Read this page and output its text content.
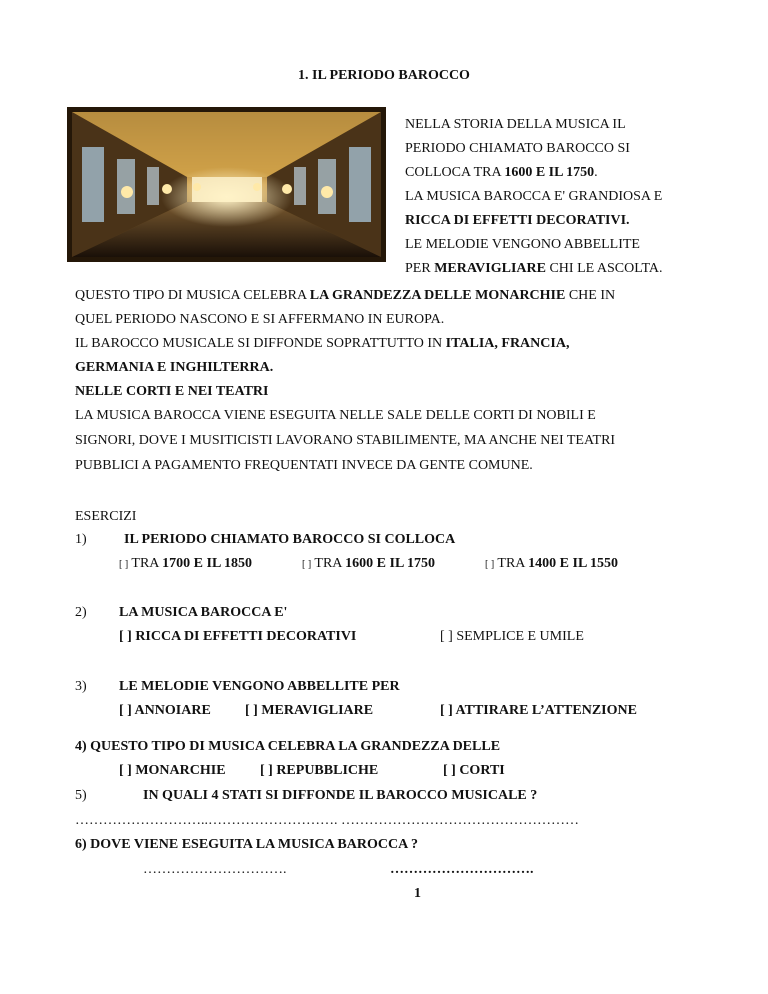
1. IL PERIODO BAROCCO
NELLA STORIA DELLA MUSICA IL
PERIODO CHIAMATO BAROCCO SI
COLLOCA TRA 1600 E IL 1750.
LA MUSICA BAROCCA E' GRANDIOSA E
RICCA DI EFFETTI DECORATIVI.
LE MELODIE VENGONO ABBELLITE
PER MERAVIGLIARE CHI LE ASCOLTA.
QUESTO TIPO DI MUSICA CELEBRA LA GRANDEZZA DELLE MONARCHIE CHE IN
QUEL PERIODO NASCONO E SI AFFERMANO IN EUROPA.
IL BAROCCO MUSICALE SI DIFFONDE SOPRATTUTTO IN ITALIA, FRANCIA,
GERMANIA E INGHILTERRA.
NELLE CORTI E NEI TEATRI
LA MUSICA BAROCCA VIENE ESEGUITA NELLE SALE DELLE CORTI DI NOBILI E
SIGNORI, DOVE I MUSITICISTI LAVORANO STABILIMENTE, MA ANCHE NEI TEATRI
PUBBLICI A PAGAMENTO FREQUENTATI INVECE DA GENTE COMUNE.
ESERCIZI
1)	IL PERIODO CHIAMATO BAROCCO SI COLLOCA
[ ] TRA 1700 E IL 1850	[ ] TRA 1600 E IL 1750	[ ] TRA 1400 E IL 1550
2) LA MUSICA BAROCCA E'
[ ] RICCA DI EFFETTI DECORATIVI	[ ] SEMPLICE E UMILE
3) LE MELODIE VENGONO ABBELLITE PER
[ ] ANNOIARE [ ] MERAVIGLIARE	[ ] ATTIRARE L’ATTENZIONE
4) QUESTO TIPO DI MUSICA CELEBRA LA GRANDEZZA DELLE
[ ] MONARCHIE [ ] REPUBBLICHE	[ ] CORTI
5)	IN QUALI 4 STATI SI DIFFONDE IL BAROCCO MUSICALE ?
………………………..………………………. ……………………………………………
6) DOVE VIENE ESEGUITA LA MUSICA BAROCCA ?
………………………….	………………………….
1
